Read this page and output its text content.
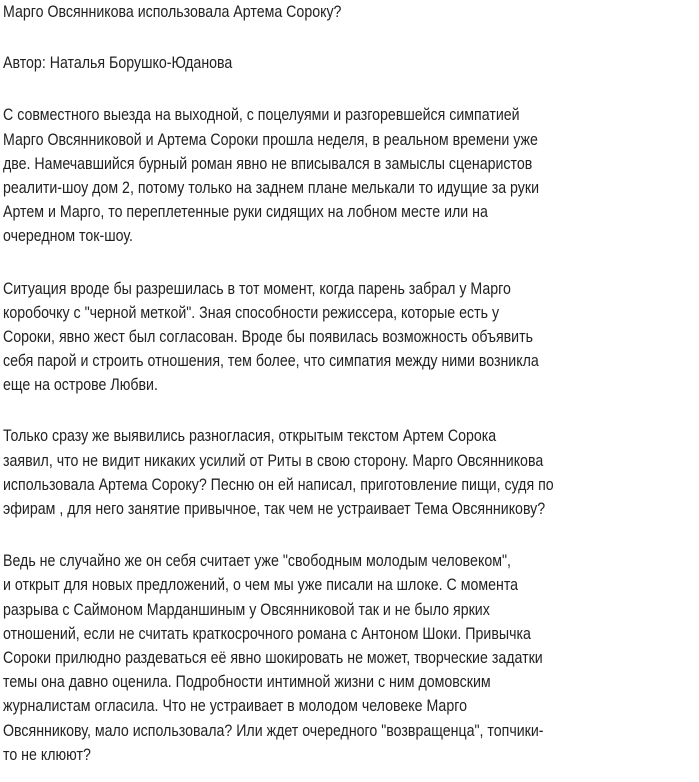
Марго Овсянникова использовала Артема Сороку?
Автор: Наталья Борушко-Юданова
С совместного выезда на выходной, с поцелуями и разгоревшейся симпатией
Марго Овсянниковой и Артема Сороки прошла неделя, в реальном времени уже
две. Намечавшийся бурный роман явно не вписывался в замыслы сценаристов
реалити-шоу дом 2, потому только на заднем плане мелькали то идущие за руки
Артем и Марго, то переплетенные руки сидящих на лобном месте или на
очередном ток-шоу.
Ситуация вроде бы разрешилась в тот момент, когда парень забрал у Марго
коробочку с "черной меткой". Зная способности режиссера, которые есть у
Сороки, явно жест был согласован. Вроде бы появилась возможность объявить
себя парой и строить отношения, тем более, что симпатия между ними возникла
еще на острове Любви.
Только сразу же выявились разногласия, открытым текстом Артем Сорока
заявил, что не видит никаких усилий от Риты в свою сторону. Марго Овсянникова
использовала Артема Сороку? Песню он ей написал, приготовление пищи, судя по
эфирам , для него занятие привычное, так чем не устраивает Тема Овсянникову?
Ведь не случайно же он себя считает уже "свободным молодым человеком",
и открыт для новых предложений, о чем мы уже писали на шлоке. С момента
разрыва с Саймоном Марданшиным у Овсянниковой так и не было ярких
отношений, если не считать краткосрочного романа с Антоном Шоки. Привычка
Сороки прилюдно раздеваться её явно шокировать не может, творческие задатки
темы она давно оценила. Подробности интимной жизни с ним домовским
журналистам огласила. Что не устраивает в молодом человеке Марго
Овсянникову, мало использовала? Или ждет очередного "возвращенца", топчики-
то не клюют?
